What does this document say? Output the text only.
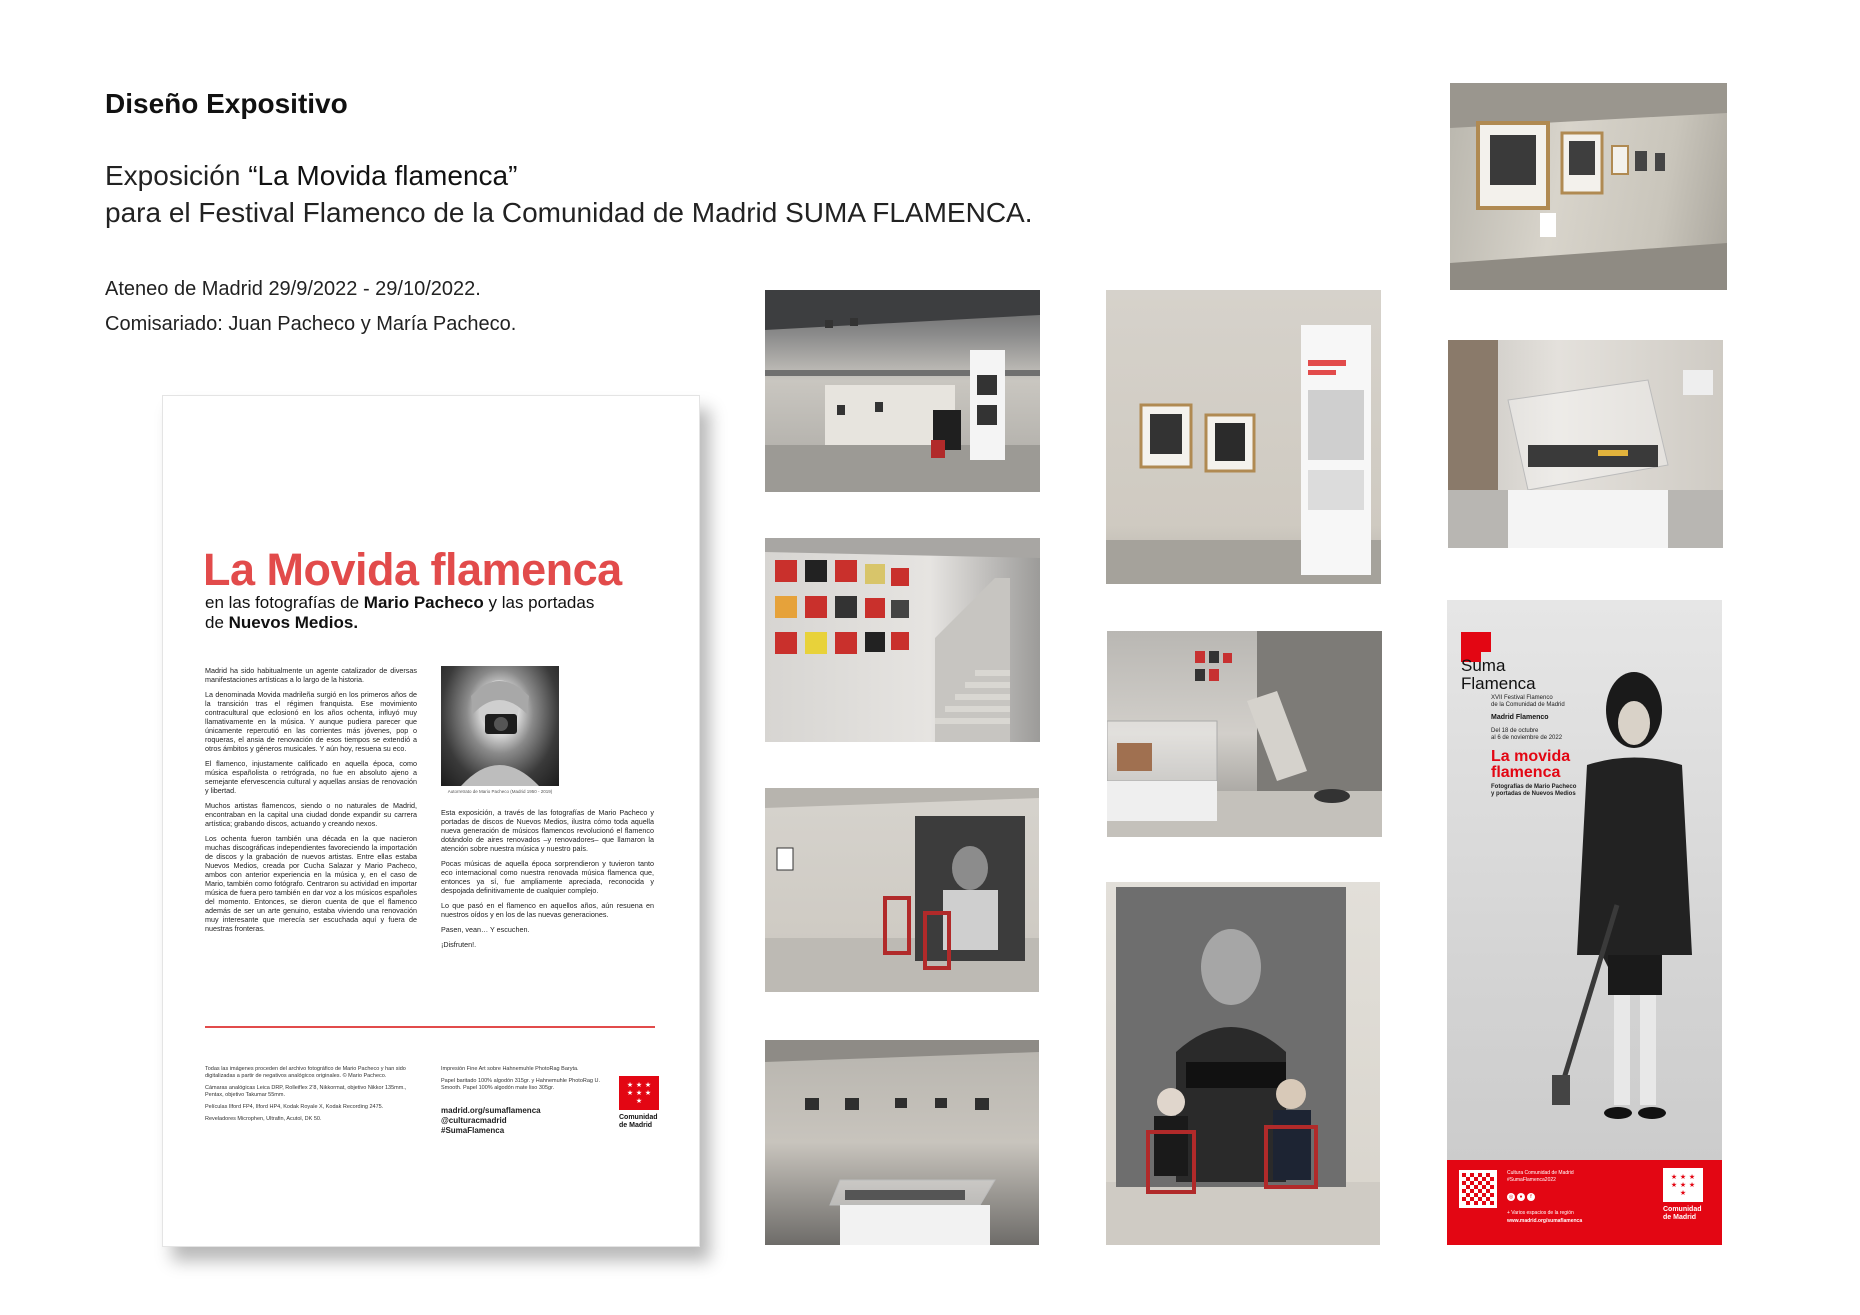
Diseño Expositivo
Exposición “La Movida flamenca”
para el Festival Flamenco de la Comunidad de Madrid SUMA FLAMENCA.
Ateneo de Madrid 29/9/2022 - 29/10/2022.
Comisariado: Juan Pacheco y María Pacheco.
La Movida flamenca
en las fotografías de Mario Pacheco y las portadas
de Nuevos Medios.

Madrid ha sido habitualmente un agente catalizador de diversas manifestaciones artísticas a lo largo de la historia.

La denominada Movida madrileña surgió en los primeros años de la transición tras el régimen franquista. Ese movimiento contracultural que eclosionó en los años ochenta, influyó muy llamativamente en la música. Y aunque pudiera parecer que únicamente repercutió en las corrientes más jóvenes, pop o roqueras, el ansia de renovación de esos tiempos se extendió a otros ámbitos y géneros musicales. Y aún hoy, resuena su eco.

El flamenco, injustamente calificado en aquella época, como música españolista o retrógrada, no fue en absoluto ajeno a semejante efervescencia cultural y aquellas ansias de renovación y libertad.

Muchos artistas flamencos, siendo o no naturales de Madrid, encontraban en la capital una ciudad donde expandir su carrera artística; grabando discos, actuando y creando nexos.

Los ochenta fueron también una década en la que nacieron muchas discográficas independientes favoreciendo la importación de discos y la grabación de nuevos artistas. Entre ellas estaba Nuevos Medios, creada por Cucha Salazar y Mario Pacheco, ambos con anterior experiencia en la música y, en el caso de Mario, también como fotógrafo. Centraron su actividad en importar música de fuera pero también en dar voz a los músicos españoles del momento. Entonces, se dieron cuenta de que el flamenco además de ser un arte genuino, estaba viviendo una renovación muy interesante que merecía ser escuchada aquí y fuera de nuestras fronteras.

Autorretrato de Mario Pacheco (Madrid 1950 - 2019)

Esta exposición, a través de las fotografías de Mario Pacheco y portadas de discos de Nuevos Medios, ilustra cómo toda aquella nueva generación de músicos flamencos revolucionó el flamenco dotándolo de aires renovados –y renovadores– que llamaron la atención sobre nuestra música y nuestro país.

Pocas músicas de aquella época sorprendieron y tuvieron tanto eco internacional como nuestra renovada música flamenca que, entonces ya sí, fue ampliamente apreciada, reconocida y despojada definitivamente de cualquier complejo.

Lo que pasó en el flamenco en aquellos años, aún resuena en nuestros oídos y en los de las nuevas generaciones.

Pasen, vean… Y escuchen.

¡Disfruten!.

Todas las imágenes proceden del archivo fotográfico de Mario Pacheco y han sido digitalizadas a partir de negativos analógicos originales. © Mario Pacheco.

Cámaras analógicas Leica DRP, Rolleiflex 2’8, Nikkormat, objetivo Nikkor 135mm., Pentax, objetivo Takumar 55mm.

Películas Ilford FP4, Ilford HP4, Kodak Royale X, Kodak Recording 2475.

Reveladores Microphen, Ultrafin, Acutol, DK 50.

Impresión Fine Art sobre Hahnemuhle PhotoRag Baryta.

Papel baritado 100% algodón 315gr. y Hahnemuhle PhotoRag U. Smooth. Papel 100% algodón mate liso 305gr.

madrid.org/sumaflamenca
@culturacmadrid
#SumaFlamenca
★ ★ ★
★ ★ ★
★
Comunidad
de Madrid
Suma
Flamenca
XVII Festival Flamenco
de la Comunidad de Madrid
Madrid Flamenco
Del 18 de octubre
al 6 de noviembre de 2022
La movida
flamenca
Fotografías de Mario Pacheco
y portadas de Nuevos Medios
Cultura Comunidad de Madrid
#SumaFlamenca2022
◎	●	f
+ Varios espacios de la región
www.madrid.org/sumaflamenca
★ ★ ★
★ ★ ★
★
Comunidad
de Madrid
